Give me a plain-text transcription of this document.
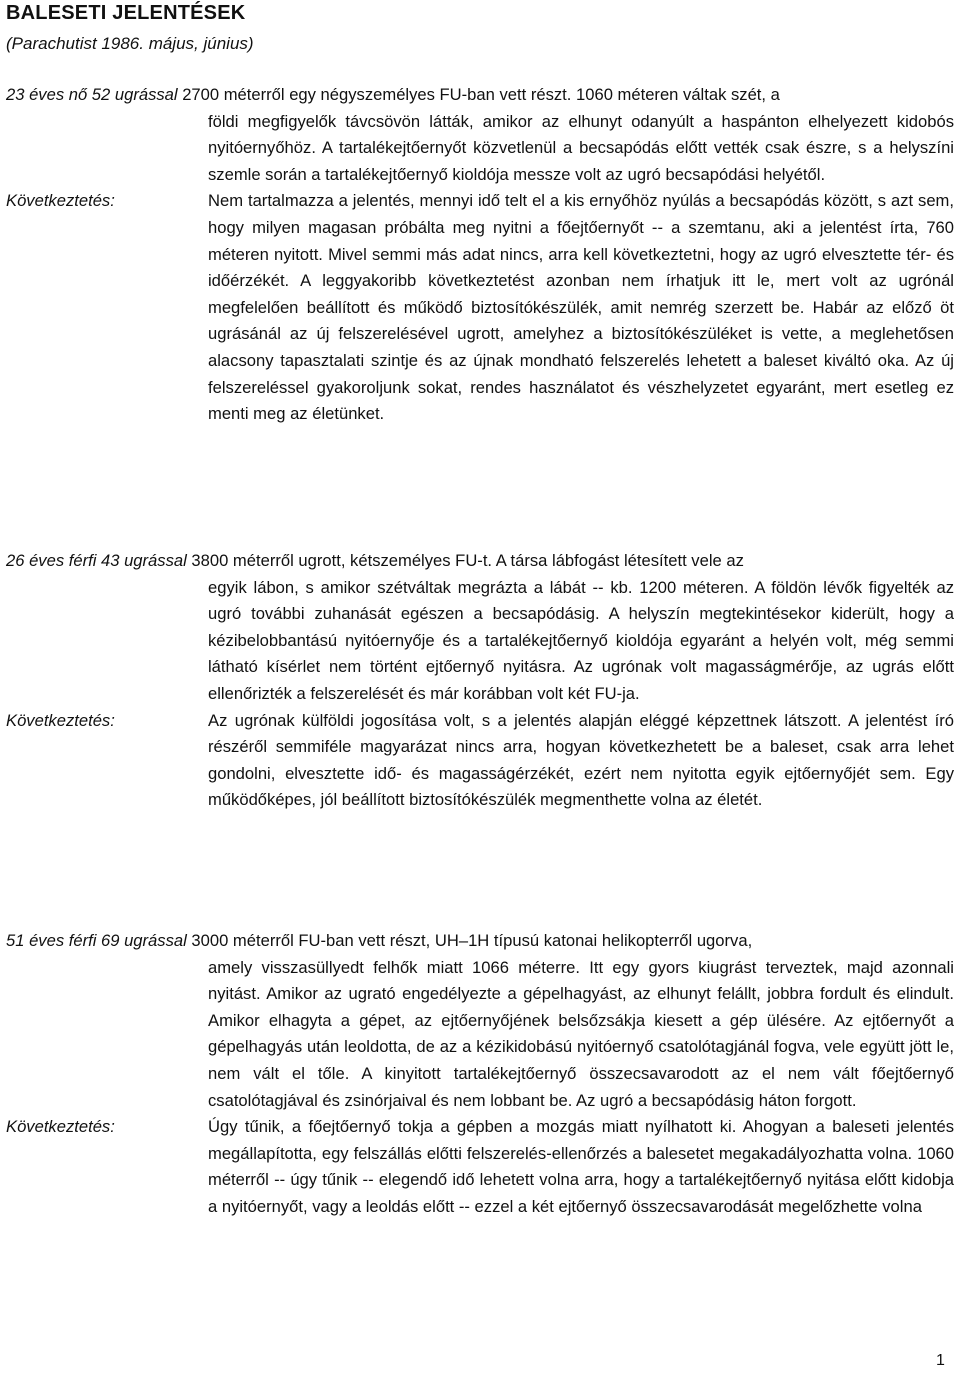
BALESETI JELENTÉSEK
(Parachutist 1986. május, június)

23 éves nő 52 ugrással 2700 méterről egy négyszemélyes FU-ban vett részt. 1060 méteren váltak szét, a

földi megfigyelők távcsövön látták, amikor az elhunyt odanyúlt a haspánton elhelyezett kidobós nyitóernyőhöz. A tartalékejtőernyőt közvetlenül a becsapódás előtt vették csak észre, s a helyszíni szemle során a tartalékejtőernyő kioldója messze volt az ugró becsapódási helyétől.

Következtetés:	Nem tartalmazza a jelentés, mennyi idő telt el a kis ernyőhöz nyúlás a becsapódás között, s azt sem, hogy milyen magasan próbálta meg nyitni a főejtőernyőt -- a szemtanu, aki a jelentést írta, 760 méteren nyitott. Mivel semmi más adat nincs, arra kell következtetni, hogy az ugró elvesztette tér- és időérzékét. A leggyakoribb következtetést azonban nem írhatjuk itt le, mert volt az ugrónál megfelelően beállított és működő biztosítókészülék, amit nemrég szerzett be. Habár az előző öt ugrásánál az új felszerelésével ugrott, amelyhez a biztosítókészüléket is vette, a meglehetősen alacsony tapasztalati szintje és az újnak mondható felszerelés lehetett a baleset kiváltó oka. Az új felszereléssel gyakoroljunk sokat, rendes használatot és vészhelyzetet egyaránt, mert esetleg ez menti meg az életünket.

26 éves férfi 43 ugrással 3800 méterről ugrott, kétszemélyes FU-t. A társa lábfogást létesített vele az

egyik lábon, s amikor szétváltak megrázta a lábát -- kb. 1200 méteren. A földön lévők figyelték az ugró további zuhanását egészen a becsapódásig. A helyszín megtekintésekor kiderült, hogy a kézibelobbantású nyitóernyője és a tartalékejtőernyő kioldója egyaránt a helyén volt, még semmi látható kísérlet nem történt ejtőernyő nyitásra. Az ugrónak volt magasságmérője, az ugrás előtt ellenőrizték a felszerelését és már korábban volt két FU-ja.

Következtetés:	Az ugrónak külföldi jogosítása volt, s a jelentés alapján eléggé képzettnek látszott. A jelentést író részéről semmiféle magyarázat nincs arra, hogyan következhetett be a baleset, csak arra lehet gondolni, elvesztette idő- és magasságérzékét, ezért nem nyitotta egyik ejtőernyőjét sem. Egy működőképes, jól beállított biztosítókészülék megmenthette volna az életét.

51 éves férfi 69 ugrással 3000 méterről FU-ban vett részt, UH–1H típusú katonai helikopterről ugorva,

amely visszasüllyedt felhők miatt 1066 méterre. Itt egy gyors kiugrást terveztek, majd azonnali nyitást. Amikor az ugrató engedélyezte a gépelhagyást, az elhunyt felállt, jobbra fordult és elindult. Amikor elhagyta a gépet, az ejtőernyőjének belsőzsákja kiesett a gép ülésére. Az ejtőernyőt a gépelhagyás után leoldotta, de az a kézikidobású nyitóernyő csatolótagjánál fogva, vele együtt jött le, nem vált el tőle. A kinyitott tartalékejtőernyő összecsavarodott az el nem vált főejtőernyő csatolótagjával és zsinórjaival és nem lobbant be. Az ugró a becsapódásig háton forgott.

Következtetés:	Úgy tűnik, a főejtőernyő tokja a gépben a mozgás miatt nyílhatott ki. Ahogyan a baleseti jelentés megállapította, egy felszállás előtti felszerelés-ellenőrzés a balesetet megakadályozhatta volna. 1060 méterről -- úgy tűnik -- elegendő idő lehetett volna arra, hogy a tartalékejtőernyő nyitása előtt kidobja a nyitóernyőt, vagy a leoldás előtt -- ezzel a két ejtőernyő összecsavarodását megelőzhette volna

1
